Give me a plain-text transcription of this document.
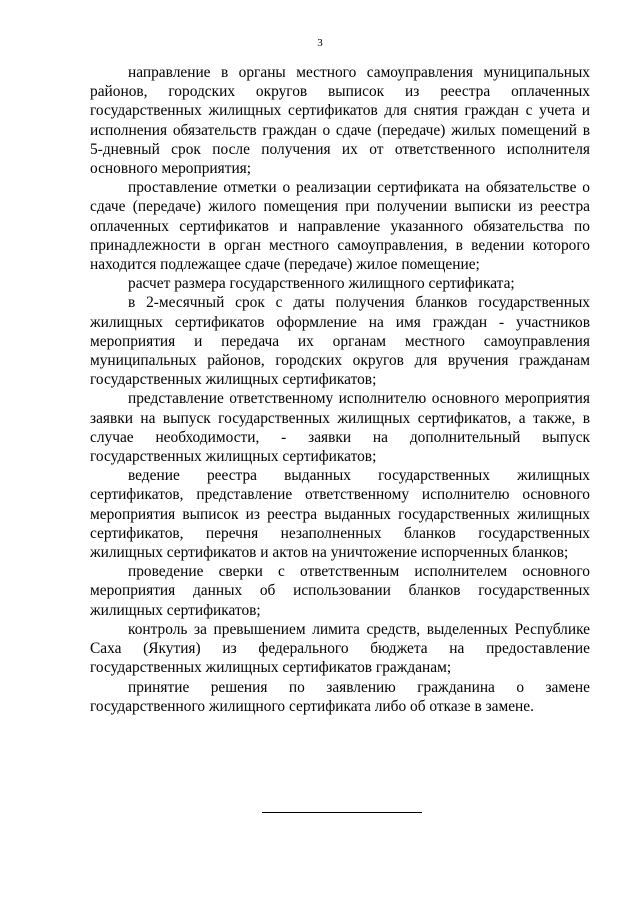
3

направление в органы местного самоуправления муниципальных районов, городских округов выписок из реестра оплаченных государственных жилищных сертификатов для снятия граждан с учета и исполнения обязательств граждан о сдаче (передаче) жилых помещений в 5-дневный срок после получения их от ответственного исполнителя основного мероприятия;

проставление отметки о реализации сертификата на обязательстве о сдаче (передаче) жилого помещения при получении выписки из реестра оплаченных сертификатов и направление указанного обязательства по принадлежности в орган местного самоуправления, в ведении которого находится подлежащее сдаче (передаче) жилое помещение;

расчет размера государственного жилищного сертификата;

в 2-месячный срок с даты получения бланков государственных жилищных сертификатов оформление на имя граждан - участников мероприятия и передача их органам местного самоуправления муниципальных районов, городских округов для вручения гражданам государственных жилищных сертификатов;

представление ответственному исполнителю основного мероприятия заявки на выпуск государственных жилищных сертификатов, а также, в случае необходимости, - заявки на дополнительный выпуск государственных жилищных сертификатов;

ведение реестра выданных государственных жилищных сертификатов, представление ответственному исполнителю основного мероприятия выписок из реестра выданных государственных жилищных сертификатов, перечня незаполненных бланков государственных жилищных сертификатов и актов на уничтожение испорченных бланков;

проведение сверки с ответственным исполнителем основного мероприятия данных об использовании бланков государственных жилищных сертификатов;

контроль за превышением лимита средств, выделенных Республике Саха (Якутия) из федерального бюджета на предоставление государственных жилищных сертификатов гражданам;

принятие решения по заявлению гражданина о замене государственного жилищного сертификата либо об отказе в замене.
